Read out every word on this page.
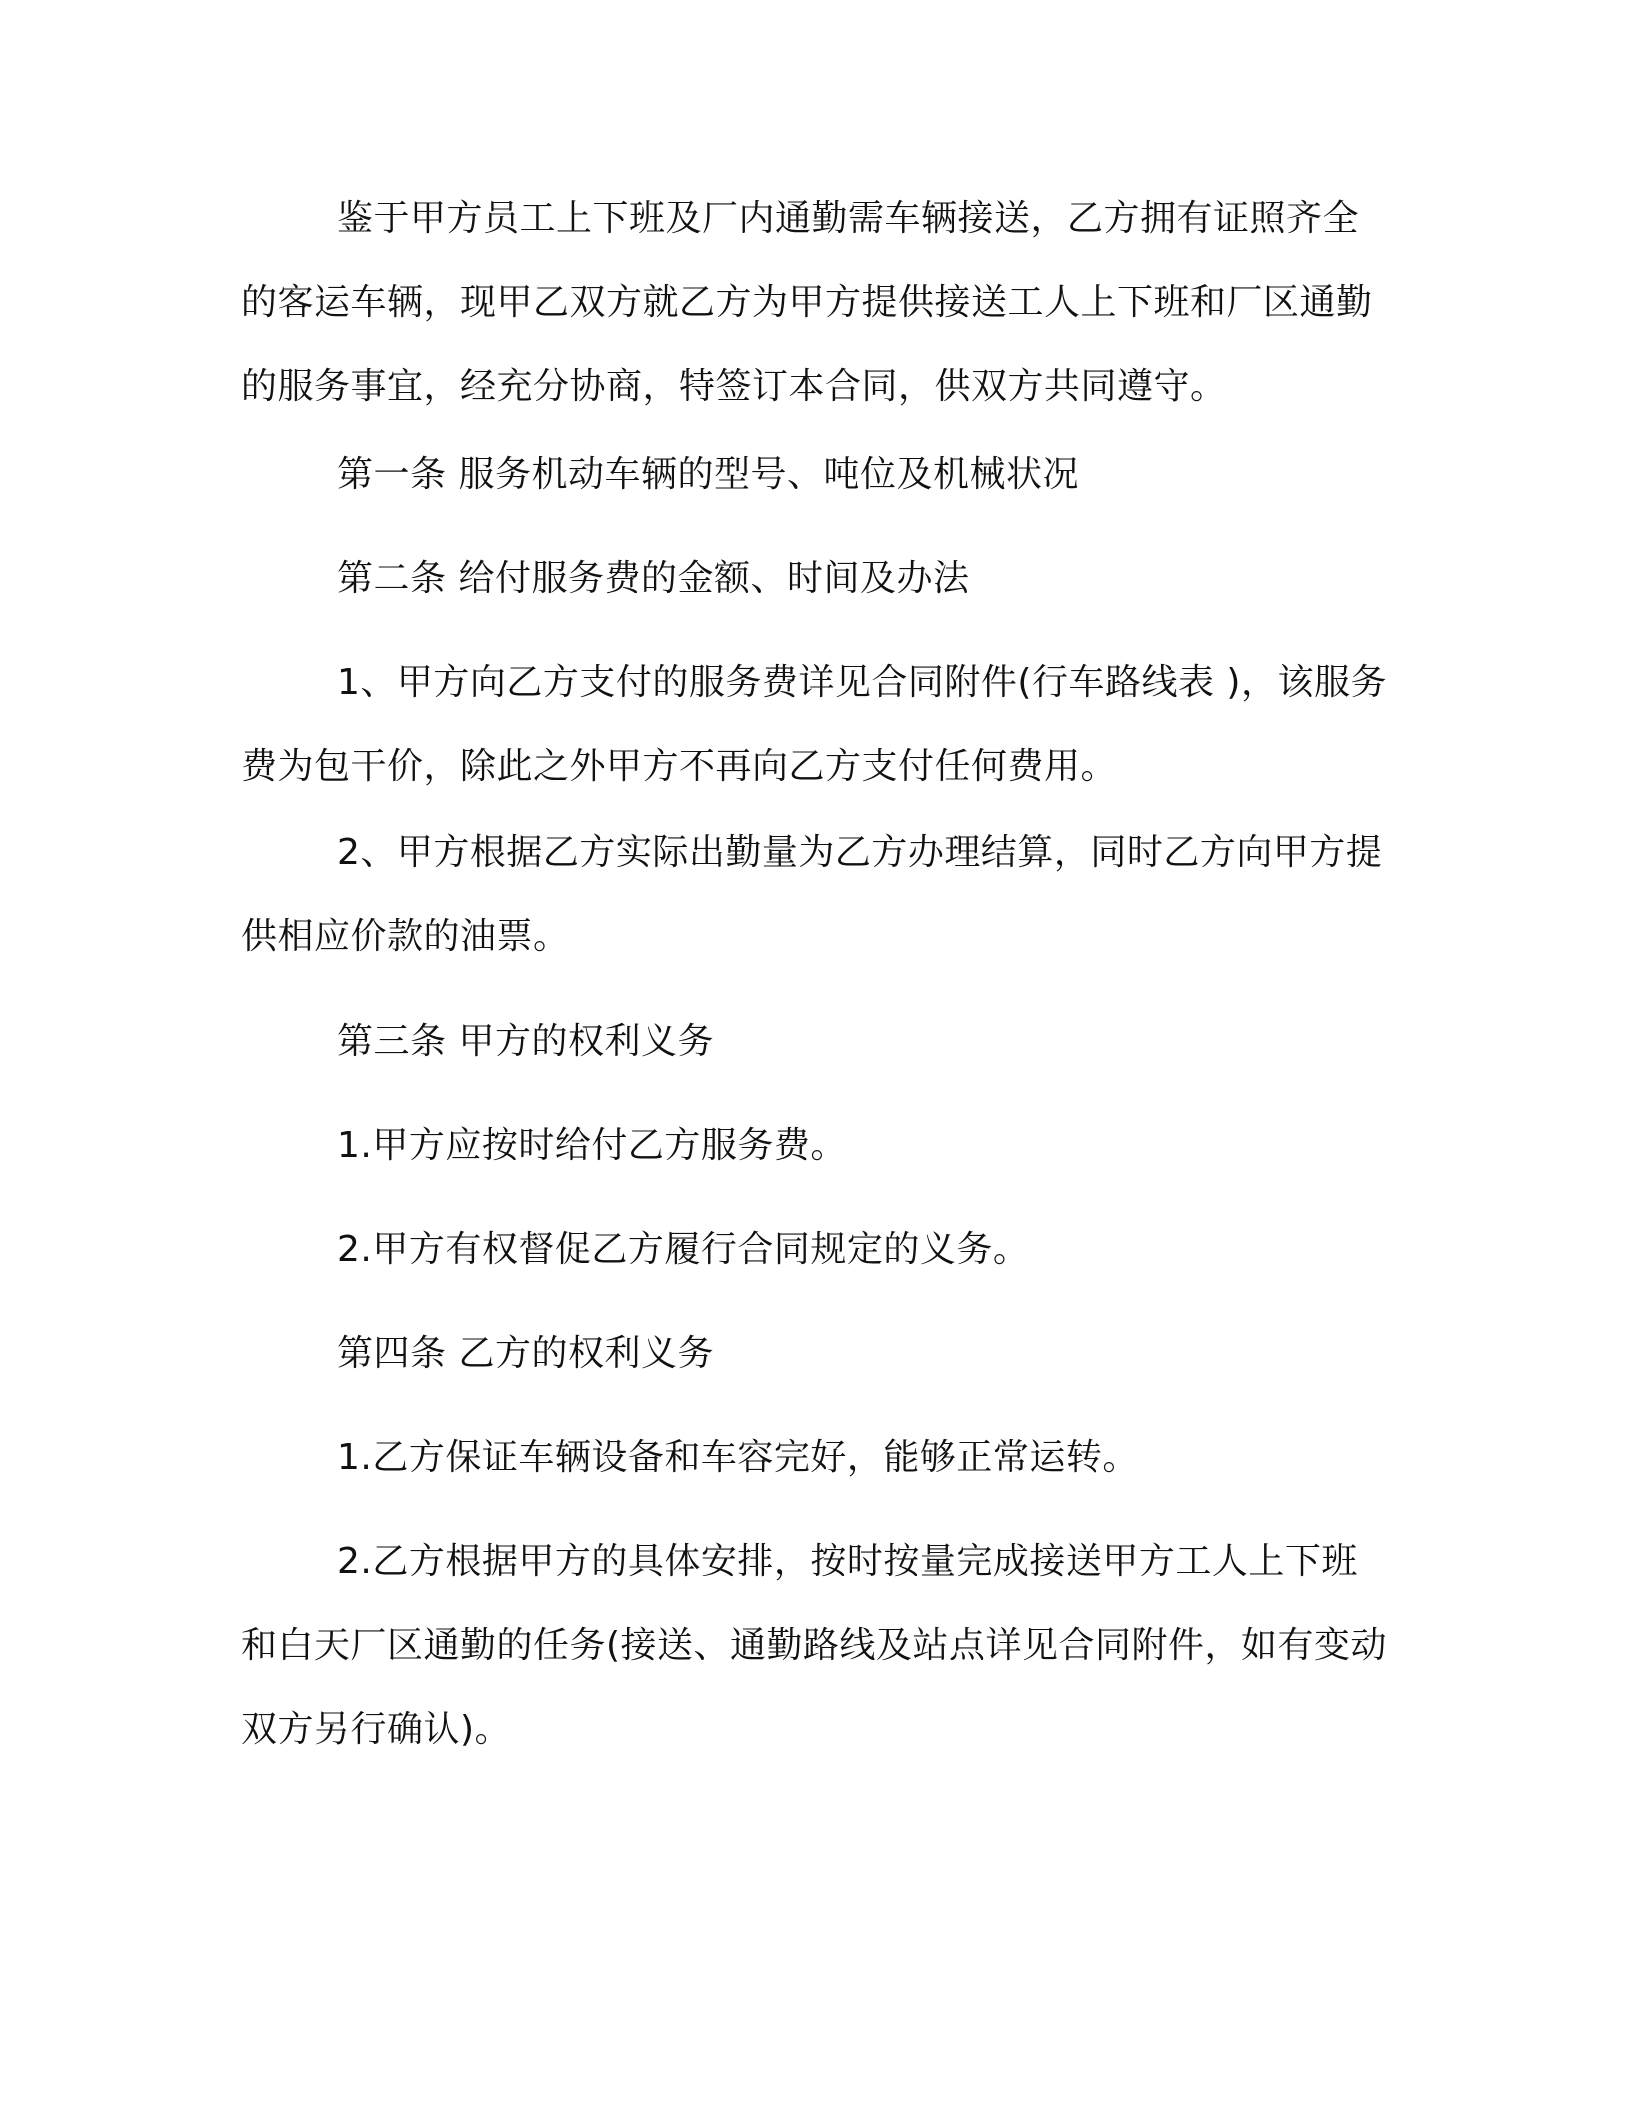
鉴于甲方员工上下班及厂内通勤需车辆接送，乙方拥有证照齐全的客运车辆，现甲乙双方就乙方为甲方提供接送工人上下班和厂区通勤的服务事宜，经充分协商，特签订本合同，供双方共同遵守。

第一条 服务机动车辆的型号、吨位及机械状况

第二条 给付服务费的金额、时间及办法

1、甲方向乙方支付的服务费详见合同附件(行车路线表 )，该服务费为包干价，除此之外甲方不再向乙方支付任何费用。

2、甲方根据乙方实际出勤量为乙方办理结算，同时乙方向甲方提供相应价款的油票。

第三条 甲方的权利义务

1.甲方应按时给付乙方服务费。

2.甲方有权督促乙方履行合同规定的义务。

第四条 乙方的权利义务

1.乙方保证车辆设备和车容完好，能够正常运转。

2.乙方根据甲方的具体安排，按时按量完成接送甲方工人上下班和白天厂区通勤的任务(接送、通勤路线及站点详见合同附件，如有变动双方另行确认)。
